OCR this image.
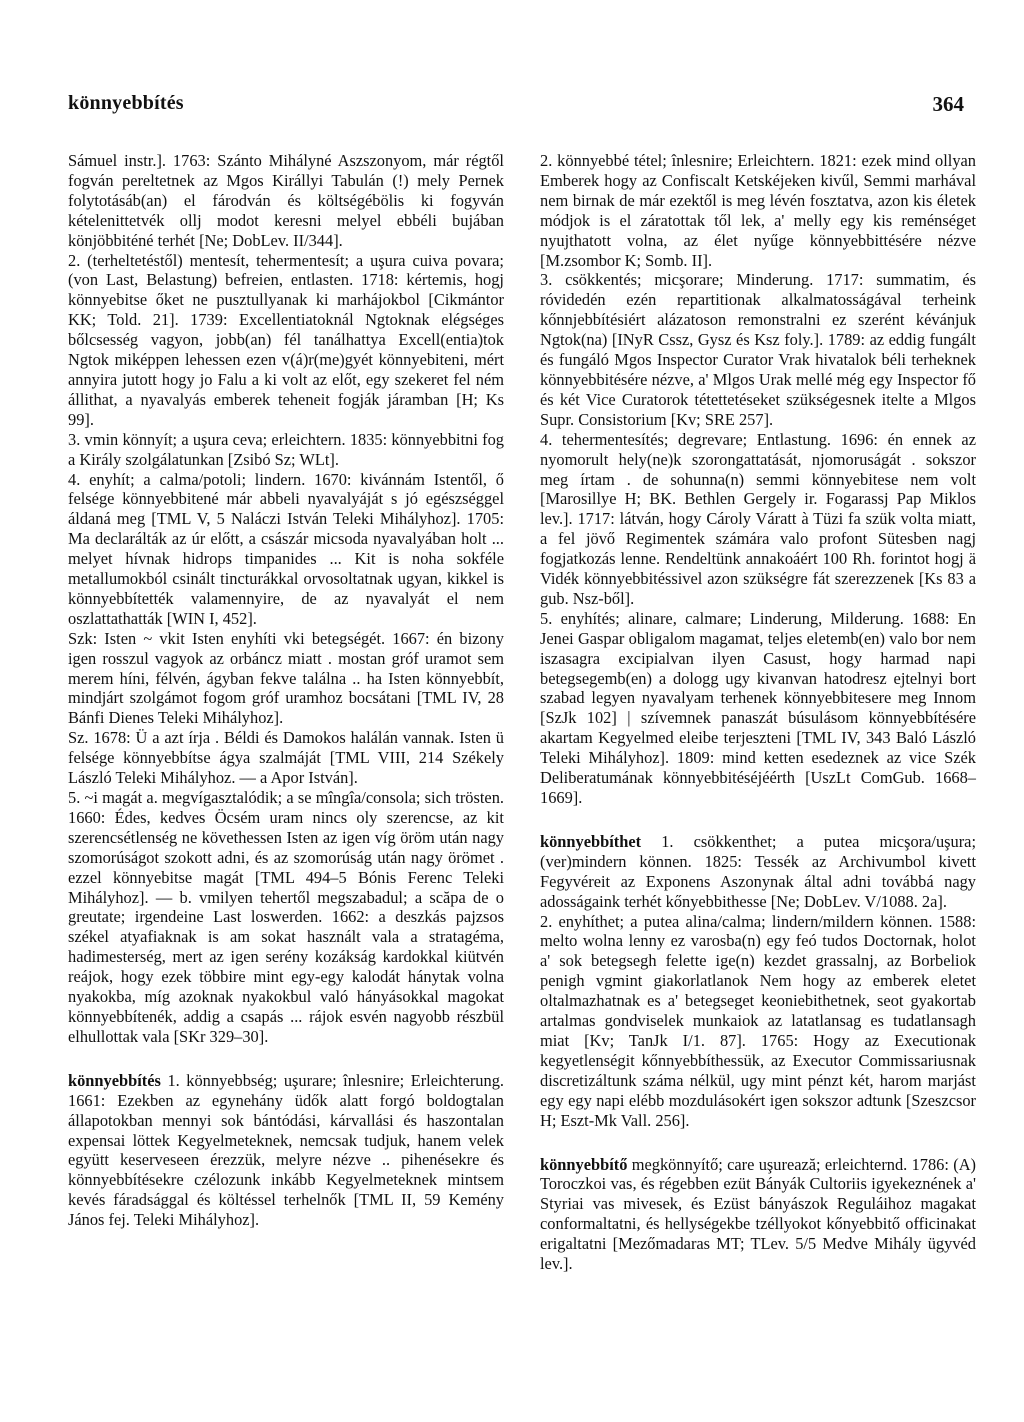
könnyebbítés	364

Sámuel instr.]. 1763: Szánto Mihályné Aszszonyom, már régtől fogván pereltetnek az Mgos Királlyi Tabulán (!) mely Pernek folytotásáb(an) el fárodván és költségébölis ki fogyván kételenittetvék ollj modot keresni melyel ebbéli bujában könjöbbiténé terhét [Ne; DobLev. II/344].

2. (terheltetéstől) mentesít, tehermentesít; a uşura cuiva povara; (von Last, Belastung) befreien, entlasten. 1718: kértemis, hogj könnyebitse őket ne pusztullyanak ki marhájokbol [Cikmántor KK; Told. 21]. 1739: Excellentiatoknál Ngtoknak elégséges bőlcsesség vagyon, jobb(an) fél tanálhattya Excell(entia)tok Ngtok miképpen lehessen ezen v(á)r(me)gyét könnyebiteni, mért annyira jutott hogy jo Falu a ki volt az előt, egy szekeret fel ném állithat, a nyavalyás emberek teheneit fogják járamban [H; Ks 99].

3. vmin könnyít; a uşura ceva; erleichtern. 1835: könnyebbitni fog a Király szolgálatunkan [Zsibó Sz; WLt].

4. enyhít; a calma/potoli; lindern. 1670: kivánnám Istentől, ő felsége könnyebbitené már abbeli nyavalyáját s jó egészséggel áldaná meg [TML V, 5 Naláczi István Teleki Mihályhoz]. 1705: Ma declarálták az úr előtt, a császár micsoda nyavalyában holt ... melyet hívnak hidrops timpanides ... Kit is noha sokféle metallumokból csinált tincturákkal orvosoltatnak ugyan, kikkel is könnyebbítették valamennyire, de az nyavalyát el nem oszlattathatták [WIN I, 452].

Szk: Isten ~ vkit Isten enyhíti vki betegségét. 1667: én bizony igen rosszul vagyok az orbáncz miatt . mostan gróf uramot sem merem híni, félvén, ágyban fekve találna .. ha Isten könnyebbít, mindjárt szolgámot fogom gróf uramhoz bocsátani [TML IV, 28 Bánfi Dienes Teleki Mihályhoz].

Sz. 1678: Ü a azt írja . Béldi és Damokos halálán vannak. Isten ü felsége könnyebbítse ágya szalmáját [TML VIII, 214 Székely László Teleki Mihályhoz. — a Apor István].

5. ~i magát a. megvígasztalódik; a se mîngîa/consola; sich trösten. 1660: Édes, kedves Öcsém uram nincs oly szerencse, az kit szerencsétlenség ne követhessen Isten az igen víg öröm után nagy szomorúságot szokott adni, és az szomorúság után nagy örömet . ezzel könnyebitse magát [TML 494–5 Bónis Ferenc Teleki Mihályhoz]. — b. vmilyen tehertől megszabadul; a scăpa de o greutate; irgendeine Last loswerden. 1662: a deszkás pajzsos székel atyafiaknak is am sokat használt vala a stratagéma, hadimesterség, mert az igen serény kozákság kardokkal kiütvén reájok, hogy ezek többire mint egy-egy kalodát hánytak volna nyakokba, míg azoknak nyakokbul való hányásokkal magokat könnyebbítenék, addig a csapás ... rájok esvén nagyobb részbül elhullottak vala [SKr 329–30].

könnyebbítés 1. könnyebbség; uşurare; înlesnire; Erleichterung. 1661: Ezekben az egynehány üdők alatt forgó boldogtalan állapotokban mennyi sok bántódási, kárvallási és haszontalan expensai löttek Kegyelmeteknek, nemcsak tudjuk, hanem velek együtt keserveseen érezzük, melyre nézve .. pihenésekre és könnyebbítésekre czélozunk inkább Kegyelmeteknek mintsem kevés fáradsággal és költéssel terhelnők [TML II, 59 Kemény János fej. Teleki Mihályhoz].

2. könnyebbé tétel; înlesnire; Erleichtern. 1821: ezek mind ollyan Emberek hogy az Confiscalt Ketskéjeken kivűl, Semmi marhával nem birnak de már ezektől is meg lévén fosztatva, azon kis életek módjok is el záratottak től lek, a' melly egy kis reménséget nyujthatott volna, az élet nyűge könnyebbittésére nézve [M.zsombor K; Somb. II].

3. csökkentés; micşorare; Minderung. 1717: summatim, és róvidedén ezén repartitionak alkalmatosságával terheink kőnnjebbítésiért alázatoson remonstralni ez szerént kévánjuk Ngtok(na) [INyR Cssz, Gysz és Ksz foly.]. 1789: az eddig fungált és fungáló Mgos Inspector Curator Vrak hivatalok béli terheknek könnyebbitésére nézve, a' Mlgos Urak mellé még egy Inspector fő és két Vice Curatorok tétettetéseket szükségesnek itelte a Mlgos Supr. Consistorium [Kv; SRE 257].

4. tehermentesítés; degrevare; Entlastung. 1696: én ennek az nyomorult hely(ne)k szorongattatását, njomoruságát . sokszor meg írtam . de sohunna(n) semmi könnyebitese nem volt [Marosillye H; BK. Bethlen Gergely ir. Fogarassj Pap Miklos lev.]. 1717: látván, hogy Cároly Váratt à Tüzi fa szük volta miatt, a fel jövő Regimentek számára valo profont Sütesben nagj fogjatkozás lenne. Rendeltünk annakoáért 100 Rh. forintot hogj ä Vidék könnyebbitéssivel azon szükségre fát szerezzenek [Ks 83 a gub. Nsz-ből].

5. enyhítés; alinare, calmare; Linderung, Milderung. 1688: En Jenei Gaspar obligalom magamat, teljes eletemb(en) valo bor nem iszasagra excipialvan ilyen Casust, hogy harmad napi betegsegemb(en) a dologg ugy kivanvan hatodresz ejtelnyi bort szabad legyen nyavalyam terhenek könnyebbitesere meg Innom [SzJk 102] | szívemnek panaszát búsulásom könnyebbítésére akartam Kegyelmed eleibe terjeszteni [TML IV, 343 Baló László Teleki Mihályhoz]. 1809: mind ketten esedeznek az vice Szék Deliberatumának könnyebbitéséjéérth [UszLt ComGub. 1668–1669].

könnyebbíthet 1. csökkenthet; a putea micşora/uşura; (ver)mindern können. 1825: Tessék az Archivumbol kivett Fegyvéreit az Exponens Aszonynak által adni továbbá nagy adosságaink terhét kőnyebbithesse [Ne; DobLev. V/1088. 2a].

2. enyhíthet; a putea alina/calma; lindern/mildern können. 1588: melto wolna lenny ez varosba(n) egy feó tudos Doctornak, holot a' sok betegsegh felette ige(n) kezdet grassalnj, az Borbeliok penigh vgmint giakorlatlanok Nem hogy az emberek eletet oltalmazhatnak es a' betegseget keoniebithetnek, seot gyakortab artalmas gondviselek munkaiok az latatlansag es tudatlansagh miat [Kv; TanJk I/1. 87]. 1765: Hogy az Executionak kegyetlenségit kőnnyebbíthessük, az Executor Commissariusnak discretizáltunk száma nélkül, ugy mint pénzt két, harom marjást egy egy napi elébb mozdulásokért igen sokszor adtunk [Szeszcsor H; Eszt-Mk Vall. 256].

könnyebbítő megkönnyítő; care uşurează; erleichternd. 1786: (A) Toroczkoi vas, és régebben ezüt Bányák Cultoriis igyekeznének a' Styriai vas mivesek, és Ezüst bányászok Reguláihoz magakat conformaltatni, és hellységekbe tzéllyokot kőnyebbitő officinakat erigaltatni [Mezőmadaras MT; TLev. 5/5 Medve Mihály ügyvéd lev.].
